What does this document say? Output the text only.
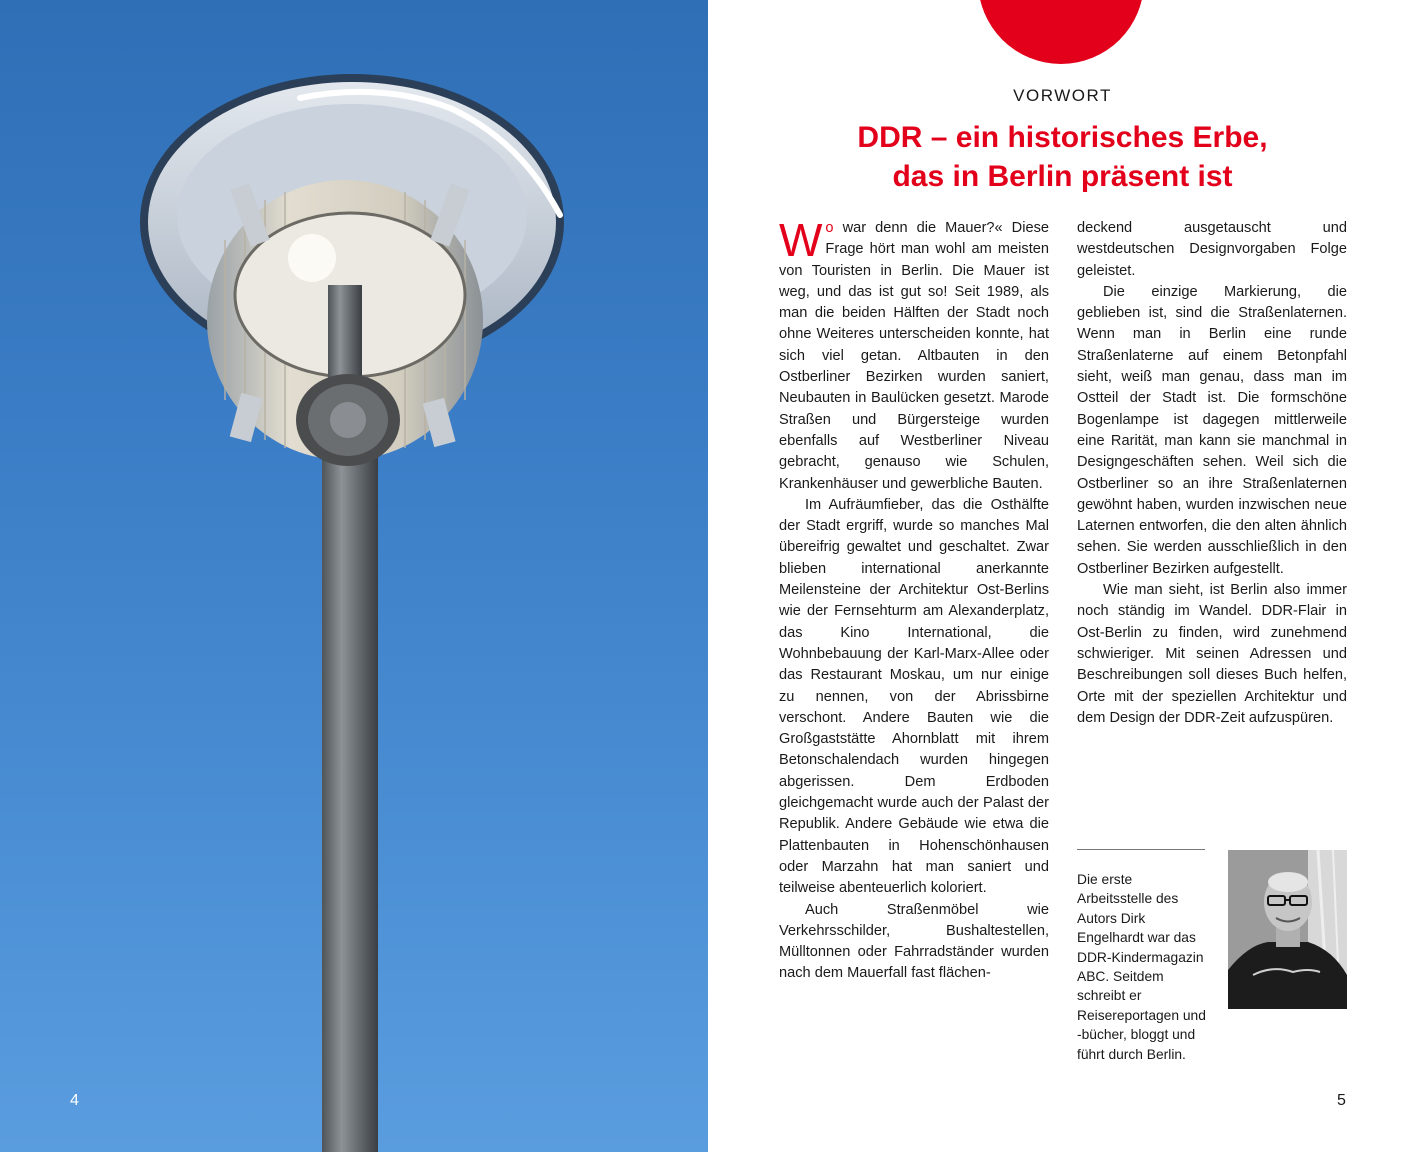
4
VORWORT
DDR – ein historisches Erbe,
das in Berlin präsent ist

Wo war denn die Mauer?« Diese Frage hört man wohl am meisten von Touristen in Berlin. Die Mauer ist weg, und das ist gut so! Seit 1989, als man die beiden Hälften der Stadt noch ohne Weiteres unterscheiden konnte, hat sich viel getan. Altbauten in den Ostberliner Bezirken wurden saniert, Neubauten in Baulücken gesetzt. Marode Straßen und Bürgersteige wurden ebenfalls auf Westberliner Niveau gebracht, genauso wie Schulen, Krankenhäuser und gewerbliche Bauten.

Im Aufräumfieber, das die Osthälfte der Stadt ergriff, wurde so manches Mal übereifrig gewaltet und geschaltet. Zwar blieben international anerkannte Meilensteine der Architektur Ost-Berlins wie der Fernsehturm am Alexanderplatz, das Kino International, die Wohnbebauung der Karl-Marx-Allee oder das Restaurant Moskau, um nur einige zu nennen, von der Abrissbirne verschont. Andere Bauten wie die Großgaststätte Ahornblatt mit ihrem Betonschalendach wurden hingegen abgerissen. Dem Erdboden gleichgemacht wurde auch der Palast der Republik. Andere Gebäude wie etwa die Plattenbauten in Hohenschönhausen oder Marzahn hat man saniert und teilweise abenteuerlich koloriert.

Auch Straßenmöbel wie Verkehrsschilder, Bushaltestellen, Mülltonnen oder Fahrradständer wurden nach dem Mauerfall fast flächen-

deckend ausgetauscht und westdeutschen Designvorgaben Folge geleistet.

Die einzige Markierung, die geblieben ist, sind die Straßenlaternen. Wenn man in Berlin eine runde Straßenlaterne auf einem Betonpfahl sieht, weiß man genau, dass man im Ostteil der Stadt ist. Die formschöne Bogenlampe ist dagegen mittlerweile eine Rarität, man kann sie manchmal in Designgeschäften sehen. Weil sich die Ostberliner so an ihre Straßenlaternen gewöhnt haben, wurden inzwischen neue Laternen entworfen, die den alten ähnlich sehen. Sie werden ausschließlich in den Ostberliner Bezirken aufgestellt.

Wie man sieht, ist Berlin also immer noch ständig im Wandel. DDR-Flair in Ost-Berlin zu finden, wird zunehmend schwieriger. Mit seinen Adressen und Beschreibungen soll dieses Buch helfen, Orte mit der speziellen Architektur und dem Design der DDR-Zeit aufzuspüren.

Die erste Arbeitsstelle des Autors Dirk Engelhardt war das DDR-Kindermagazin ABC. Seitdem schreibt er Reisereportagen und -bücher, bloggt und führt durch Berlin.
5
